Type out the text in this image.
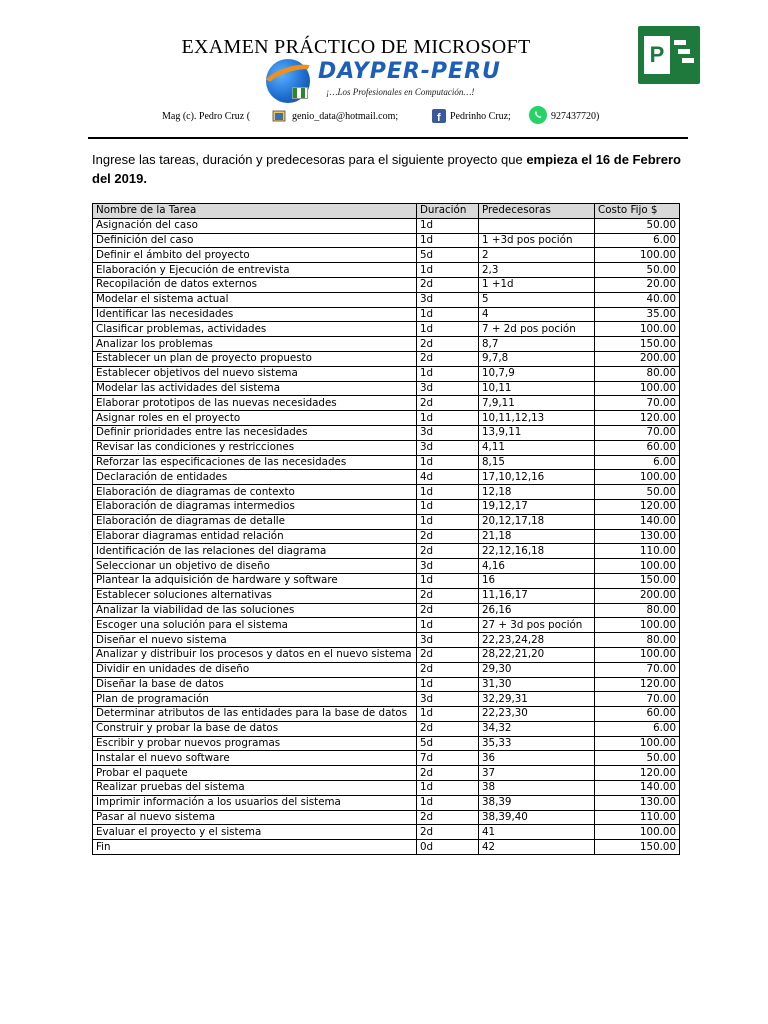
EXAMEN PRÁCTICO DE MICROSOFT
DAYPER-PERU
¡…Los Profesionales en Computación…!
Mag (c). Pedro Cruz (	genio_data@hotmail.com;	f Pedrinho Cruz;	927437720)
P
Ingrese las tareas, duración y predecesoras para el siguiente proyecto que empieza el 16 de Febrero del 2019.
Nombre de la Tarea	Duración	Predecesoras	Costo Fijo $
Asignación del caso	1d		50.00
Definición del caso	1d	1 +3d pos poción	6.00
Definir el ámbito del proyecto	5d	2	100.00
Elaboración y Ejecución de entrevista	1d	2,3	50.00
Recopilación de datos externos	2d	1 +1d	20.00
Modelar el sistema actual	3d	5	40.00
Identificar las necesidades	1d	4	35.00
Clasificar problemas, actividades	1d	7 + 2d pos poción	100.00
Analizar los problemas	2d	8,7	150.00
Establecer un plan de proyecto propuesto	2d	9,7,8	200.00
Establecer objetivos del nuevo sistema	1d	10,7,9	80.00
Modelar las actividades del sistema	3d	10,11	100.00
Elaborar prototipos de las nuevas necesidades	2d	7,9,11	70.00
Asignar roles en el proyecto	1d	10,11,12,13	120.00
Definir prioridades entre las necesidades	3d	13,9,11	70.00
Revisar las condiciones y restricciones	3d	4,11	60.00
Reforzar las especificaciones de las necesidades	1d	8,15	6.00
Declaración de entidades	4d	17,10,12,16	100.00
Elaboración de diagramas de contexto	1d	12,18	50.00
Elaboración de diagramas intermedios	1d	19,12,17	120.00
Elaboración de diagramas de detalle	1d	20,12,17,18	140.00
Elaborar diagramas entidad relación	2d	21,18	130.00
Identificación de las relaciones del diagrama	2d	22,12,16,18	110.00
Seleccionar un objetivo de diseño	3d	4,16	100.00
Plantear la adquisición de hardware y software	1d	16	150.00
Establecer soluciones alternativas	2d	11,16,17	200.00
Analizar la viabilidad de las soluciones	2d	26,16	80.00
Escoger una solución para el sistema	1d	27 + 3d pos poción	100.00
Diseñar el nuevo sistema	3d	22,23,24,28	80.00
Analizar y distribuir los procesos y datos en el nuevo sistema	2d	28,22,21,20	100.00
Dividir en unidades de diseño	2d	29,30	70.00
Diseñar la base de datos	1d	31,30	120.00
Plan de programación	3d	32,29,31	70.00
Determinar atributos de las entidades para la base de datos	1d	22,23,30	60.00
Construir y probar la base de datos	2d	34,32	6.00
Escribir y probar nuevos programas	5d	35,33	100.00
Instalar el nuevo software	7d	36	50.00
Probar el paquete	2d	37	120.00
Realizar pruebas del sistema	1d	38	140.00
Imprimir información a los usuarios del sistema	1d	38,39	130.00
Pasar al nuevo sistema	2d	38,39,40	110.00
Evaluar el proyecto y el sistema	2d	41	100.00
Fin	0d	42	150.00
